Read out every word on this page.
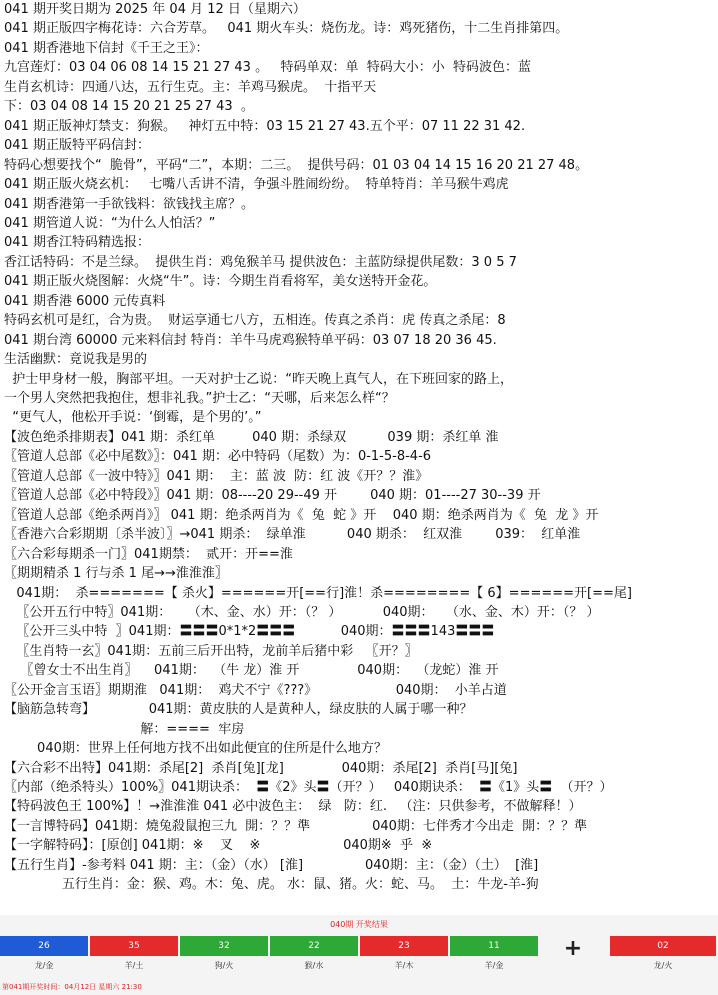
041 期开奖日期为 2025 年 04 月 12 日（星期六）
041 期正版四字梅花诗：六合芳草。   041 期火车头：烧伤龙。诗：鸡死猪伤，十二生肖排第四。
041 期香港地下信封《千王之王》：
九宫莲灯：03 04 06 08 14 15 21 27 43 。   特码单双：单  特码大小：小  特码波色：蓝
生肖玄机诗：四通八达，五行生克。主：羊鸡马猴虎。  十指平天
下：03 04 08 14 15 20 21 25 27 43  。
041 期正版神灯禁支：狗猴。   神灯五中特：03 15 21 27 43.五个平：07 11 22 31 42.
041 期正版特平码信封：
特码心想要找个“  脆骨”，平码“二”，本期：二三。  提供号码：01 03 04 14 15 16 20 21 27 48。
041 期正版火烧玄机：   七嘴八舌讲不清，争强斗胜闹纷纷。  特单特肖：羊马猴牛鸡虎
041 期香港第一手欲钱料：欲钱找主席？。
041 期管道人说：“为什么人怕活？”
041 期香江特码精选报：
香江话特码：不是兰绿。  提供生肖：鸡兔猴羊马 提供波色：主蓝防绿提供尾数：3 0 5 7
041 期正版火烧图解：火烧“牛”。诗：今期生肖看将军，美女送特开金花。
041 期香港 6000 元传真料
特码玄机可是红，合为贵。  财运享通七八方，五相连。传真之杀肖：虎 传真之杀尾：8
041 期台湾 60000 元来料信封 特肖：羊牛马虎鸡猴特单平码：03 07 18 20 36 45.
生活幽默：竟说我是男的
护士甲身材一般，胸部平坦。一天对护士乙说：“昨天晚上真气人，在下班回家的路上，
一个男人突然把我抱住，想非礼我。”护士乙：“天哪，后来怎么样“？
“更气人，他松开手说：‘倒霉，是个男的’。”
【波色绝杀排期表】041 期：杀红单         040 期：杀绿双          039 期：杀红单 淮
〖管道人总部《必中尾数》〗：041 期：必中特码（尾数）为：0-1-5-8-4-6
〖管道人总部《一波中特》〗041 期：  主：蓝 波  防：红 波《开？？淮》
〖管道人总部《必中特段》〗041 期：08----20 29--49 开        040 期：01----27 30--39 开
〖管道人总部《绝杀两肖》〗 041 期：绝杀两肖为《  兔  蛇 》开    040 期：绝杀两肖为《  兔  龙 》开
〖香港六合彩期期〔杀半波〕〗→041 期杀：  绿单淮          040 期杀：  红双淮        039：  红单淮
〖六合彩每期杀一门〗041期禁：  贰开：开==淮
〖期期精杀 1 行与杀 1 尾→→淮淮淮〗
041期：  杀=======【 杀火】======开[==行]淮！杀========【 6】======开[==尾]
〖公开五行中特〗041期：    （木、金、水）开：（？ ）          040期：   （水、金、木）开：（？ ）
〖公开三头中特  〗041期：〓〓〓0*1*2〓〓〓           040期：〓〓〓143〓〓〓
〖生肖特一玄〗041期：五前三后开出特，龙前羊后猪中彩   〖开？〗
〖曾女士不出生肖〗    041期：  （牛 龙）淮 开              040期：  （龙蛇）淮 开
〖公开金言玉语〗期期淮   041期：  鸡犬不宁《???》                   040期：  小羊占道
【脑筋急转弯】             041期：黄皮肤的人是黄种人，绿皮肤的人属于哪一种？
解：====  牢房
040期：世界上任何地方找不出如此便宜的住所是什么地方？
【六合彩不出特】041期：杀尾[2]  杀肖[兔][龙]              040期：杀尾[2]  杀肖[马][兔]
〖内部（绝杀特头）100%〗041期诀杀：  〓《2》头〓（开？）   040期诀杀：  〓《1》头〓  （开？）
【特码波色王 100%】！→淮淮淮 041 必中波色主：  绿   防：红.   （注：只供参考，不做解释！）
【一言博特码】041期：燒兔殺鼠抱三九  開：？？準               040期：七伴秀才今出走  開：？？準
【一字解特码】：[原创] 041期：※    叉    ※                    040期※  乎  ※
【五行生肖】-参考料 041 期：主：（金）（水） [淮]               040期：主：（金）（土）  [淮]
五行生肖：金：猴、鸡。木：兔、虎。 水：鼠、猪。火：蛇、马。  土：牛龙-羊-狗
040期 开奖结果
26
龙/金
35
羊/土
32
狗/火
22
猴/水
23
羊/木
11
羊/金
+	02
龙/火
第041期开奖时间：04月12日 星期六 21:30
